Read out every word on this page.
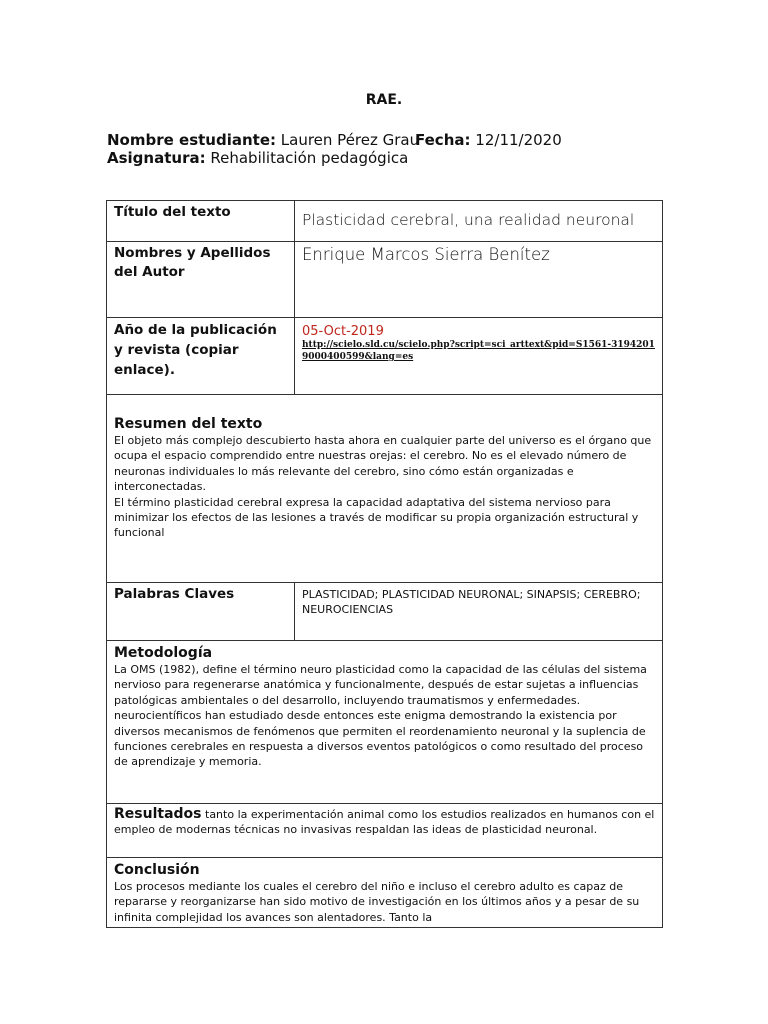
RAE.
Nombre estudiante: Lauren Pérez Grau
Fecha: 12/11/2020
Asignatura: Rehabilitación pedagógica
Título del texto	Plasticidad cerebral, una realidad neuronal
Nombres y Apellidos del Autor	Enrique Marcos Sierra Benítez
Año de la publicación y revista (copiar enlace).	05-Oct-2019
http://scielo.sld.cu/scielo.php?script=sci_arttext&pid=S1561-31942019000400599&lang=es

Resumen del texto
El objeto más complejo descubierto hasta ahora en cualquier parte del universo es el órgano que ocupa el espacio comprendido entre nuestras orejas: el cerebro. No es el elevado número de neuronas individuales lo más relevante del cerebro, sino cómo están organizadas e interconectadas.
El término plasticidad cerebral expresa la capacidad adaptativa del sistema nervioso para minimizar los efectos de las lesiones a través de modificar su propia organización estructural y funcional	

Palabras Claves	PLASTICIDAD; PLASTICIDAD NEURONAL; SINAPSIS; CEREBRO; NEUROCIENCIAS

Metodología
La OMS (1982), define el término neuro plasticidad como la capacidad de las células del sistema nervioso para regenerarse anatómica y funcionalmente, después de estar sujetas a influencias patológicas ambientales o del desarrollo, incluyendo traumatismos y enfermedades.
neurocientíficos han estudiado desde entonces este enigma demostrando la existencia por diversos mecanismos de fenómenos que permiten el reordenamiento neuronal y la suplencia de funciones cerebrales en respuesta a diversos eventos patológicos o como resultado del proceso de aprendizaje y memoria.	

Resultados tanto la experimentación animal como los estudios realizados en humanos con el empleo de modernas técnicas no invasivas respaldan las ideas de plasticidad neuronal.	

Conclusión
Los procesos mediante los cuales el cerebro del niño e incluso el cerebro adulto es capaz de repararse y reorganizarse han sido motivo de investigación en los últimos años y a pesar de su infinita complejidad los avances son alentadores. Tanto la	
